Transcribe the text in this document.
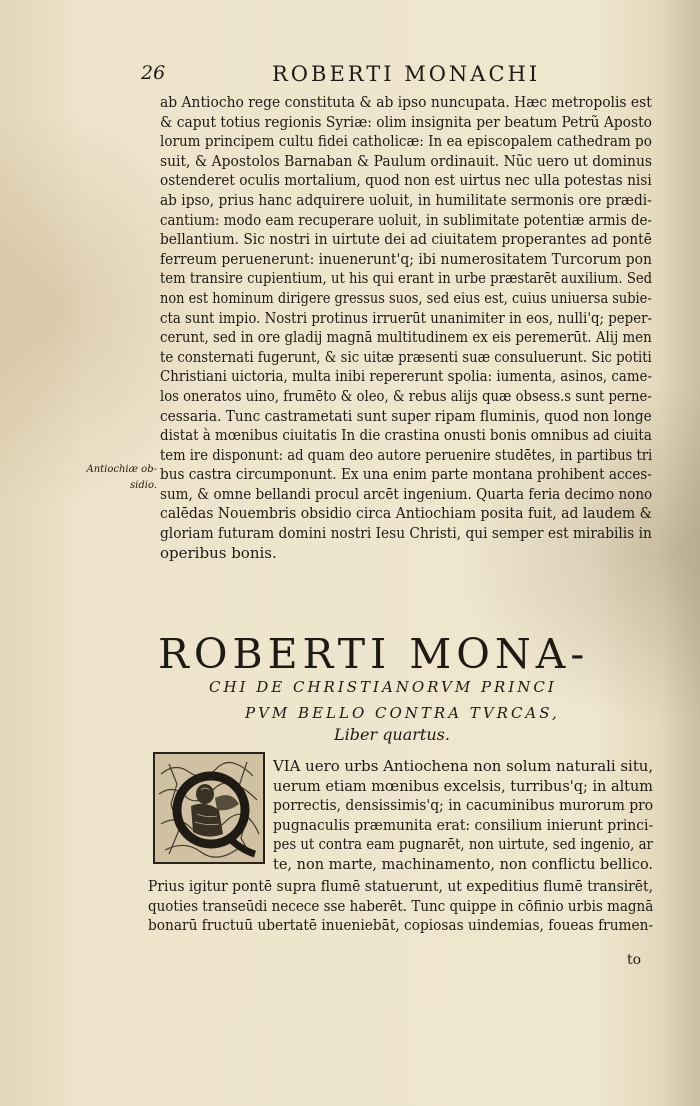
26	ROBERTI MONACHI
ab Antiocho rege constituta & ab ipso nuncupata. Hæc metropolis est
& caput totius regionis Syriæ: olim insignita per beatum Petrũ Aposto
lorum principem cultu fidei catholicæ: In ea episcopalem cathedram po
suit, & Apostolos Barnaban & Paulum ordinauit. Nũc uero ut dominus
ostenderet oculis mortalium, quod non est uirtus nec ulla potestas nisi
ab ipso, prius hanc adquirere uoluit, in humilitate sermonis ore prædi-
cantium: modo eam recuperare uoluit, in sublimitate potentiæ armis de-
bellantium. Sic nostri in uirtute dei ad ciuitatem properantes ad pontē
ferreum peruenerunt: inuenerunt'q; ibi numerositatem Turcorum pon
tem transire cupientium, ut his qui erant in urbe præstarēt auxilium. Sed
non est hominum dirigere gressus suos, sed eius est, cuius uniuersa subie-
cta sunt impio. Nostri protinus irruerūt unanimiter in eos, nulli'q; peper-
cerunt, sed in ore gladij magnā multitudinem ex eis peremerūt. Alij men
te consternati fugerunt, & sic uitæ præsenti suæ consuluerunt. Sic potiti
Christiani uictoria, multa inibi repererunt spolia: iumenta, asinos, came-
los oneratos uino, frumēto & oleo, & rebus alijs quæ obsess.s sunt perne-
cessaria. Tunc castrametati sunt super ripam fluminis, quod non longe
distat à mœnibus ciuitatis In die crastina onusti bonis omnibus ad ciuita
tem ire disponunt: ad quam deo autore peruenire studētes, in partibus tri
bus castra circumponunt. Ex una enim parte montana prohibent acces-
sum, & omne bellandi procul arcēt ingenium. Quarta feria decimo nono
calēdas Nouembris obsidio circa Antiochiam posita fuit, ad laudem &
gloriam futuram domini nostri Iesu Christi, qui semper est mirabilis in
operibus bonis.
Antiochiæ ob-
sidio.
ROBERTI MONA-
CHI DE CHRISTIANORVM PRINCI
PVM BELLO CONTRA TVRCAS,
Liber quartus.
VIA uero urbs Antiochena non solum naturali situ,
uerum etiam mœnibus excelsis, turribus'q; in altum
porrectis, densissimis'q; in cacuminibus murorum pro
pugnaculis præmunita erat: consilium inierunt princi-
pes ut contra eam pugnarēt, non uirtute, sed ingenio, ar
te, non marte, machinamento, non conflictu bellico.
Prius igitur pontē supra flumē statuerunt, ut expeditius flumē transirēt,
quoties transeūdi necece sse haberēt. Tunc quippe in cōfinio urbis magnā
bonarū fructuū ubertatē inueniebāt, copiosas uindemias, foueas frumen-
to
